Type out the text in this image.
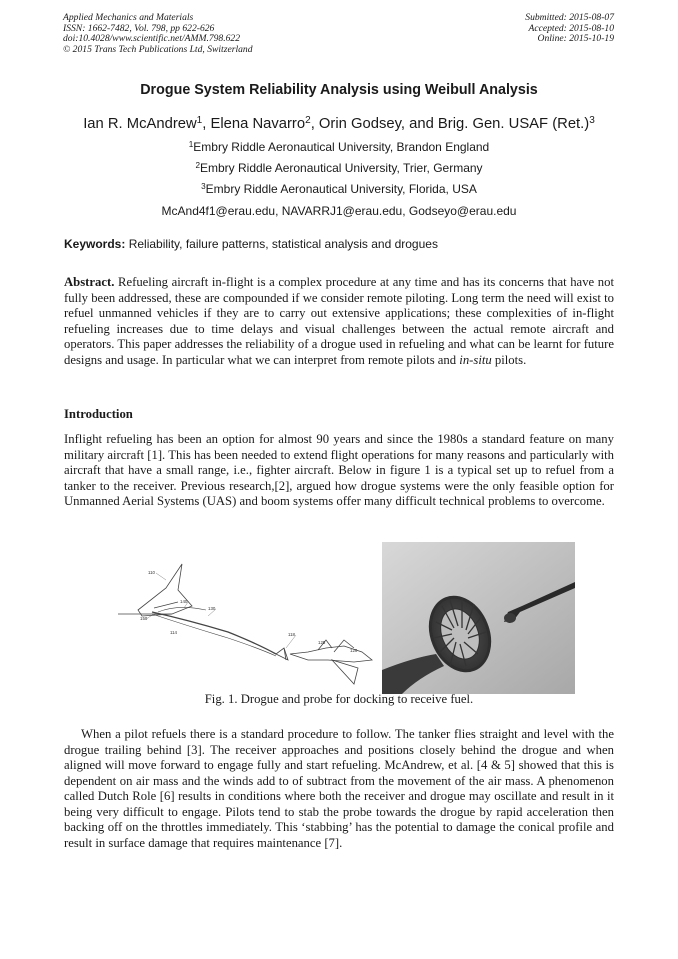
Applied Mechanics and Materials
ISSN: 1662-7482, Vol. 798, pp 622-626
doi:10.4028/www.scientific.net/AMM.798.622
© 2015 Trans Tech Publications Ltd, Switzerland
Submitted: 2015-08-07
Accepted: 2015-08-10
Online: 2015-10-19
Drogue System Reliability Analysis using Weibull Analysis
Ian R. McAndrew$^1$, Elena Navarro$^2$, Orin Godsey, and Brig. Gen. USAF $(Ret.)^3$
$^1$Embry Riddle Aeronautical University, Brandon England
$^2$Embry Riddle Aeronautical University, Trier, Germany
$^3$Embry Riddle Aeronautical University, Florida, USA
McAnd4f1@erau.edu, NAVARRJ1@erau.edu, Godseyo@erau.edu
Keywords: Reliability, failure patterns, statistical analysis and drogues
Abstract. Refueling aircraft in-flight is a complex procedure at any time and has its concerns that have not fully been addressed, these are compounded if we consider remote piloting. Long term the need will exist to refuel unmanned vehicles if they are to carry out extensive applications; these complexities of in-flight refueling increases due to time delays and visual challenges between the actual remote aircraft and operators. This paper addresses the reliability of a drogue used in refueling and what can be learnt for future designs and usage. In particular what we can interpret from remote pilots and in-situ pilots.
Introduction
Inflight refueling has been an option for almost 90 years and since the 1980s a standard feature on many military aircraft [1]. This has been needed to extend flight operations for many reasons and particularly with aircraft that have a small range, i.e., fighter aircraft. Below in figure 1 is a typical set up to refuel from a tanker to the receiver. Previous research,[2], argued how drogue systems were the only feasible option for Unmanned Aerial Systems (UAS) and boom systems offer many difficult technical problems to overcome.
110
140
130
150
114	118
125
120
Fig. 1. Drogue and probe for docking to receive fuel.
When a pilot refuels there is a standard procedure to follow. The tanker flies straight and level with the drogue trailing behind [3]. The receiver approaches and positions closely behind the drogue and when aligned will move forward to engage fully and start refueling. McAndrew, et al. [4 & 5] showed that this is dependent on air mass and the winds add to of subtract from the movement of the air mass. A phenomenon called Dutch Role [6] results in conditions where both the receiver and drogue may oscillate and result in it being very difficult to engage. Pilots tend to stab the probe towards the drogue by rapid acceleration then backing off on the throttles immediately. This ‘stabbing’ has the potential to damage the conical profile and result in surface damage that requires maintenance [7].
